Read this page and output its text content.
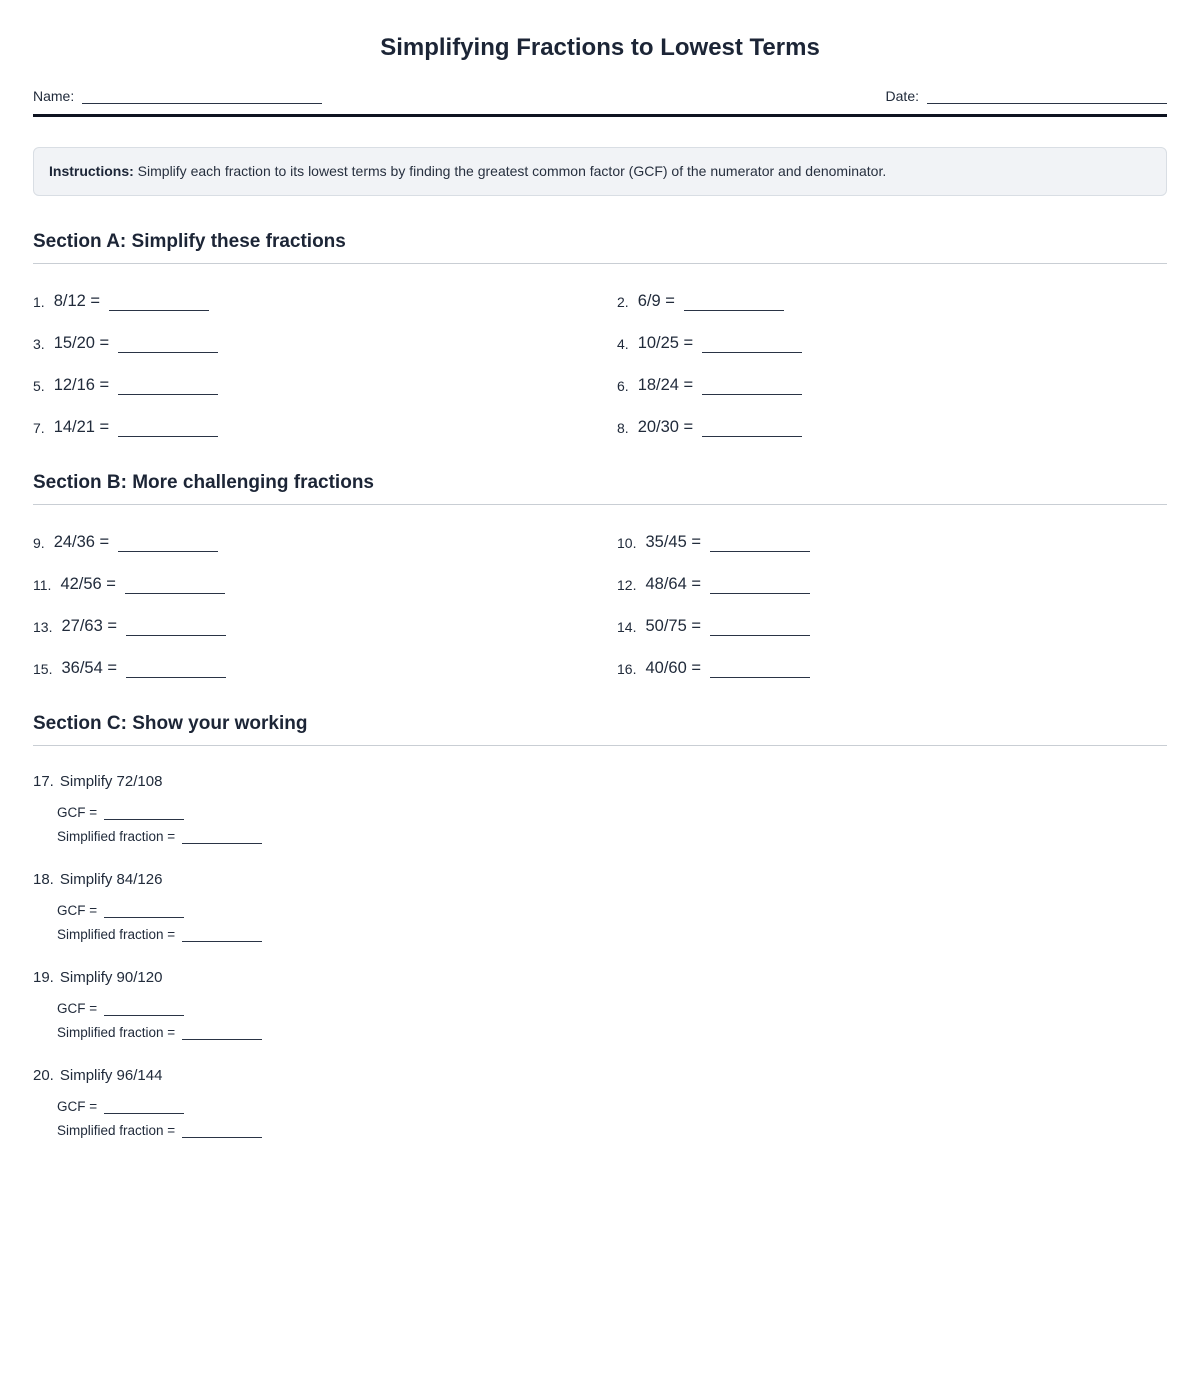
Simplifying Fractions to Lowest Terms
Name:	Date:
Instructions: Simplify each fraction to its lowest terms by finding the greatest common factor (GCF) of the numerator and denominator.
Section A: Simplify these fractions
1. 8/12 =	2. 6/9 =
3. 15/20 =	4. 10/25 =
5. 12/16 =	6. 18/24 =
7. 14/21 =	8. 20/30 =
Section B: More challenging fractions
9. 24/36 =	10. 35/45 =
11. 42/56 =	12. 48/64 =
13. 27/63 =	14. 50/75 =
15. 36/54 =	16. 40/60 =
Section C: Show your working
17. Simplify 72/108
GCF =
Simplified fraction =
18. Simplify 84/126
GCF =
Simplified fraction =
19. Simplify 90/120
GCF =
Simplified fraction =
20. Simplify 96/144
GCF =
Simplified fraction =
